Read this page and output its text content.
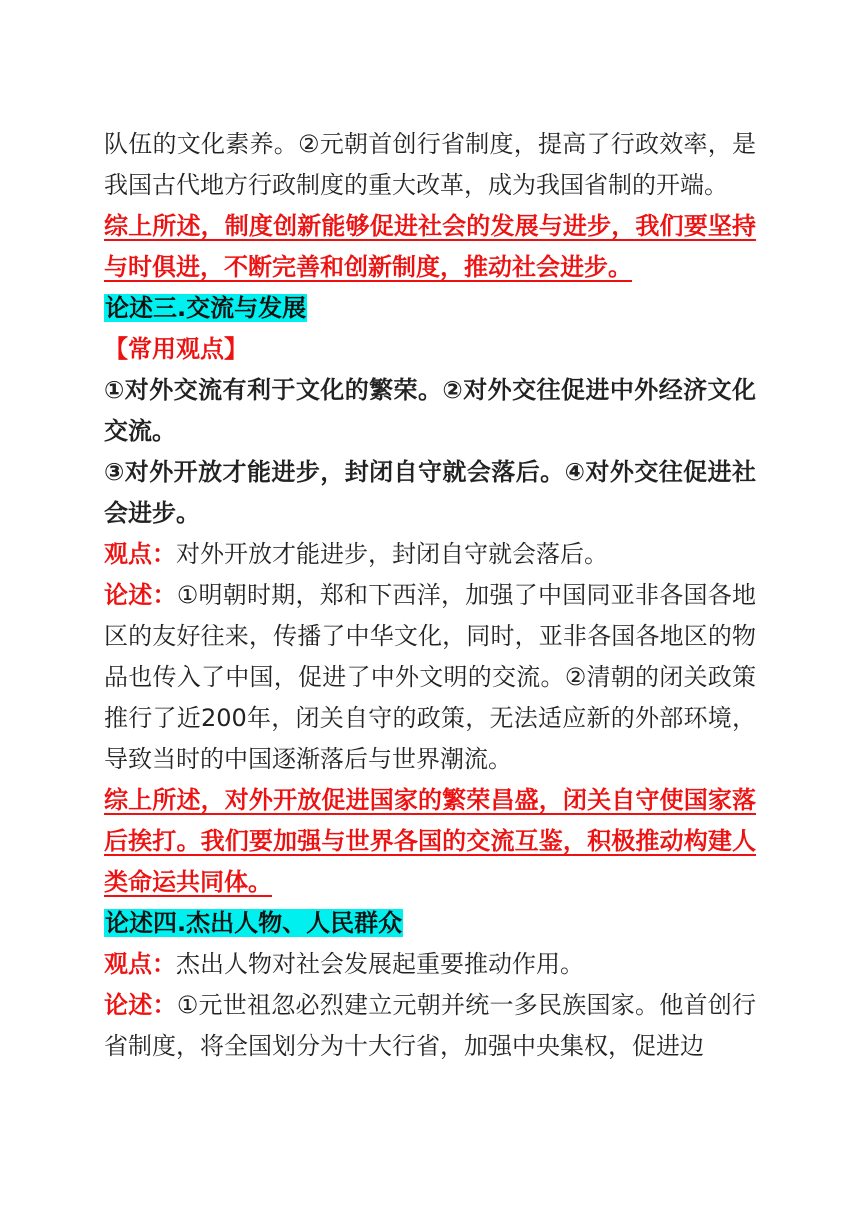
队伍的文化素养。②元朝首创行省制度，提高了行政效率，是我国古代地方行政制度的重大改革，成为我国省制的开端。

综上所述，制度创新能够促进社会的发展与进步，我们要坚持与时俱进，不断完善和创新制度，推动社会进步。

论述三.交流与发展

【常用观点】

①对外交流有利于文化的繁荣。②对外交往促进中外经济文化交流。

③对外开放才能进步，封闭自守就会落后。④对外交往促进社会进步。

观点：对外开放才能进步，封闭自守就会落后。

论述：①明朝时期，郑和下西洋，加强了中国同亚非各国各地区的友好往来，传播了中华文化，同时，亚非各国各地区的物品也传入了中国，促进了中外文明的交流。②清朝的闭关政策推行了近200年，闭关自守的政策，无法适应新的外部环境，导致当时的中国逐渐落后与世界潮流。

综上所述，对外开放促进国家的繁荣昌盛，闭关自守使国家落后挨打。我们要加强与世界各国的交流互鉴，积极推动构建人类命运共同体。

论述四.杰出人物、人民群众

观点：杰出人物对社会发展起重要推动作用。

论述：①元世祖忽必烈建立元朝并统一多民族国家。他首创行省制度，将全国划分为十大行省，加强中央集权，促进边
